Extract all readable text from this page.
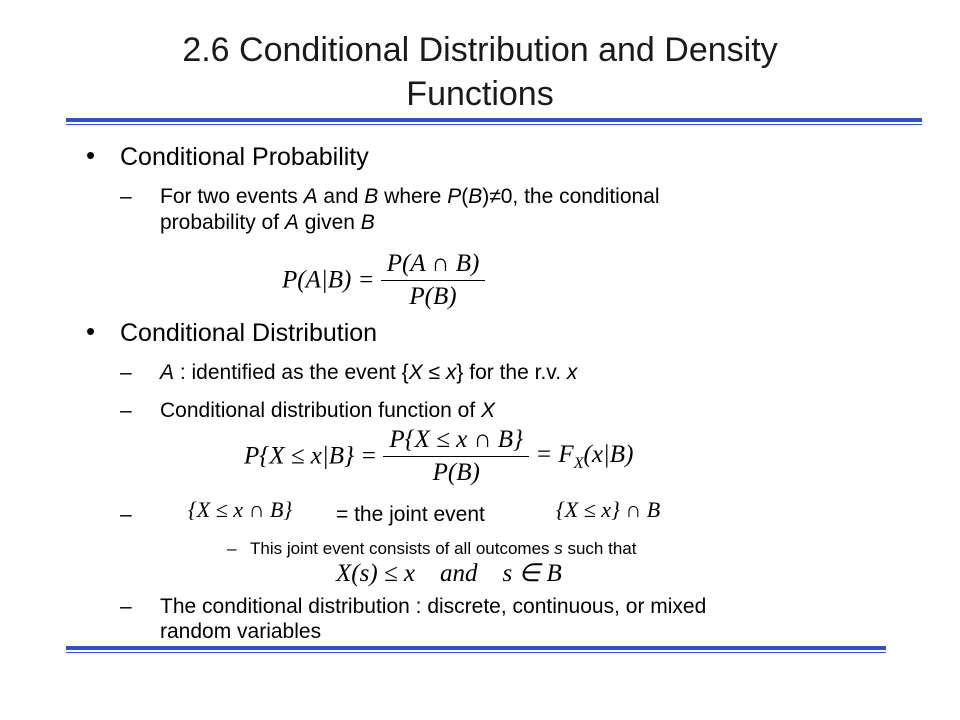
2.6 Conditional Distribution and Density
Functions
• Conditional Probability
– For two events A and B where P(B)≠0, the conditional
probability of A given B
$P(A|B) = \frac{P(A \cap B)}{P(B)}$
• Conditional Distribution
– A : identified as the event {X ≤ x} for the r.v. x
– Conditional distribution function of X
$P\{X \le x|B\} = \frac{P\{X \le x \cap B\}}{P(B)} = F_X(x|B)$
–	{X ≤ x ∩ B} = the joint event	{X ≤ x} ∩ B
– This joint event consists of all outcomes s such that
X(s) ≤ x    and    s ∈ B
– The conditional distribution : discrete, continuous, or mixed
random variables
